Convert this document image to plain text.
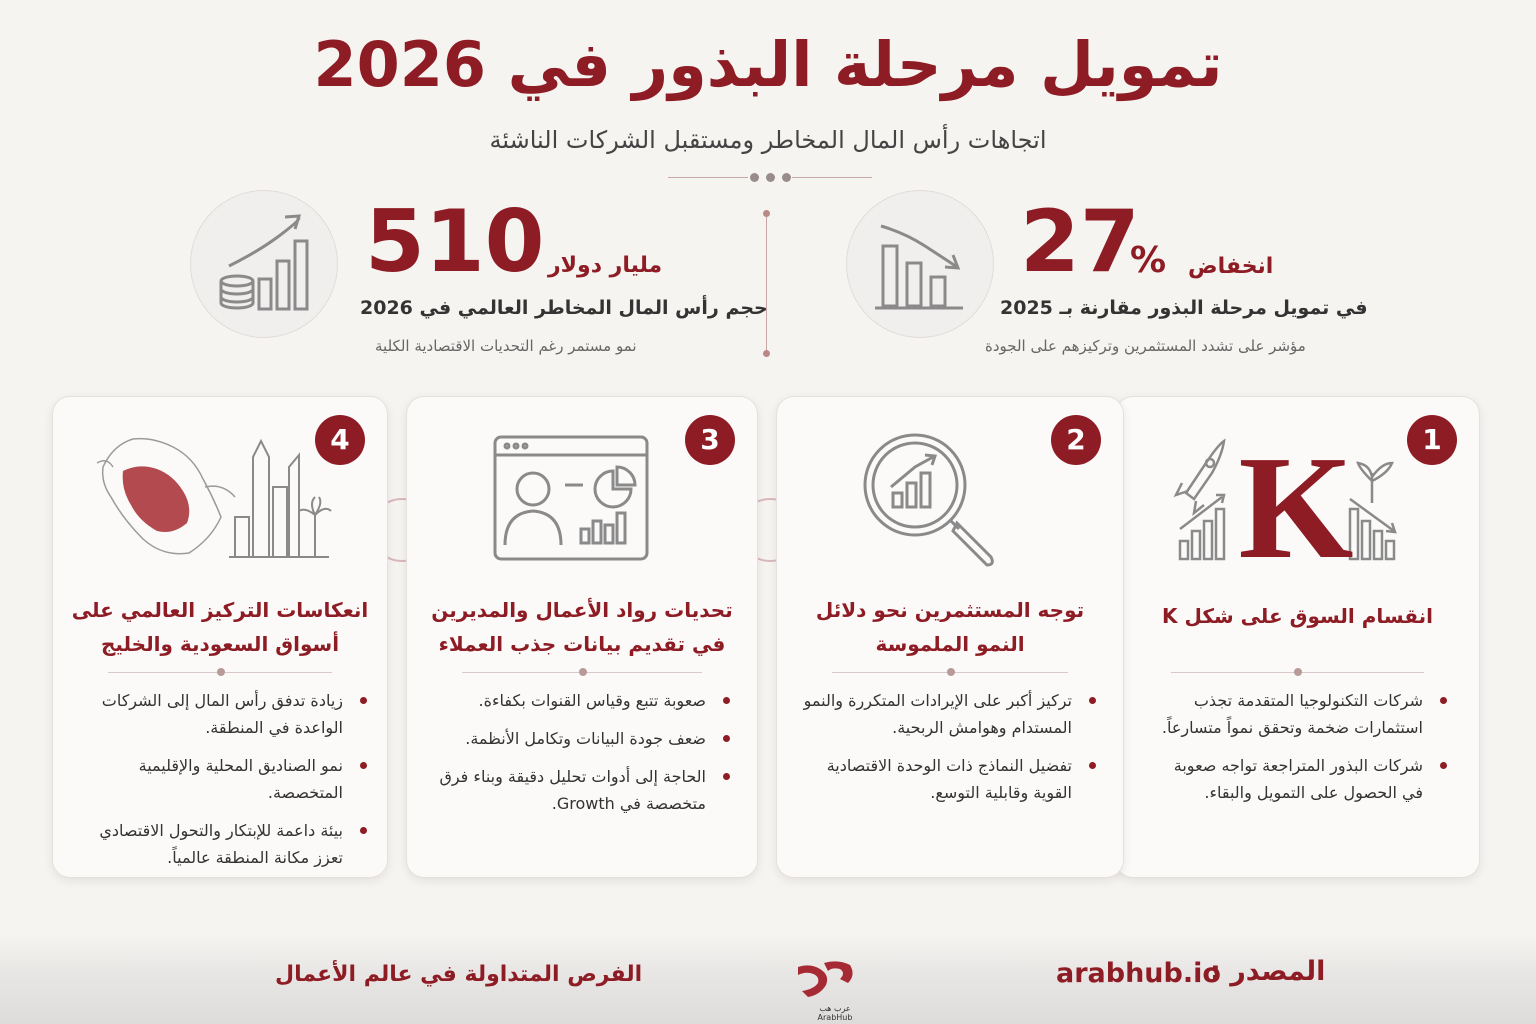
تمويل مرحلة البذور في 2026
اتجاهات رأس المال المخاطر ومستقبل الشركات الناشئة
510 مليار دولار
حجم رأس المال المخاطر العالمي في 2026
نمو مستمر رغم التحديات الاقتصادية الكلية
27
% انخفاض
في تمويل مرحلة البذور مقارنة بـ 2025
مؤشر على تشدد المستثمرين وتركيزهم على الجودة
1
K
انقسام السوق على شكل K
شركات التكنولوجيا المتقدمة تجذب استثمارات ضخمة وتحقق نمواً متسارعاً.
شركات البذور المتراجعة تواجه صعوبة في الحصول على التمويل والبقاء.
2
توجه المستثمرين نحو دلائل النمو الملموسة
تركيز أكبر على الإيرادات المتكررة والنمو المستدام وهوامش الربحية.
تفضيل النماذج ذات الوحدة الاقتصادية القوية وقابلية التوسع.
3
تحديات رواد الأعمال والمديرين في تقديم بيانات جذب العملاء
صعوبة تتبع وقياس القنوات بكفاءة.
ضعف جودة البيانات وتكامل الأنظمة.
الحاجة إلى أدوات تحليل دقيقة وبناء فرق متخصصة في Growth.
4
انعكاسات التركيز العالمي على أسواق السعودية والخليج
زيادة تدفق رأس المال إلى الشركات الواعدة في المنطقة.
نمو الصناديق المحلية والإقليمية المتخصصة.
بيئة داعمة للإبتكار والتحول الاقتصادي تعزز مكانة المنطقة عالمياً.
الفرص المتداولة في عالم الأعمال	arabhub.io
المصدر :
عرب هب
ArabHub
